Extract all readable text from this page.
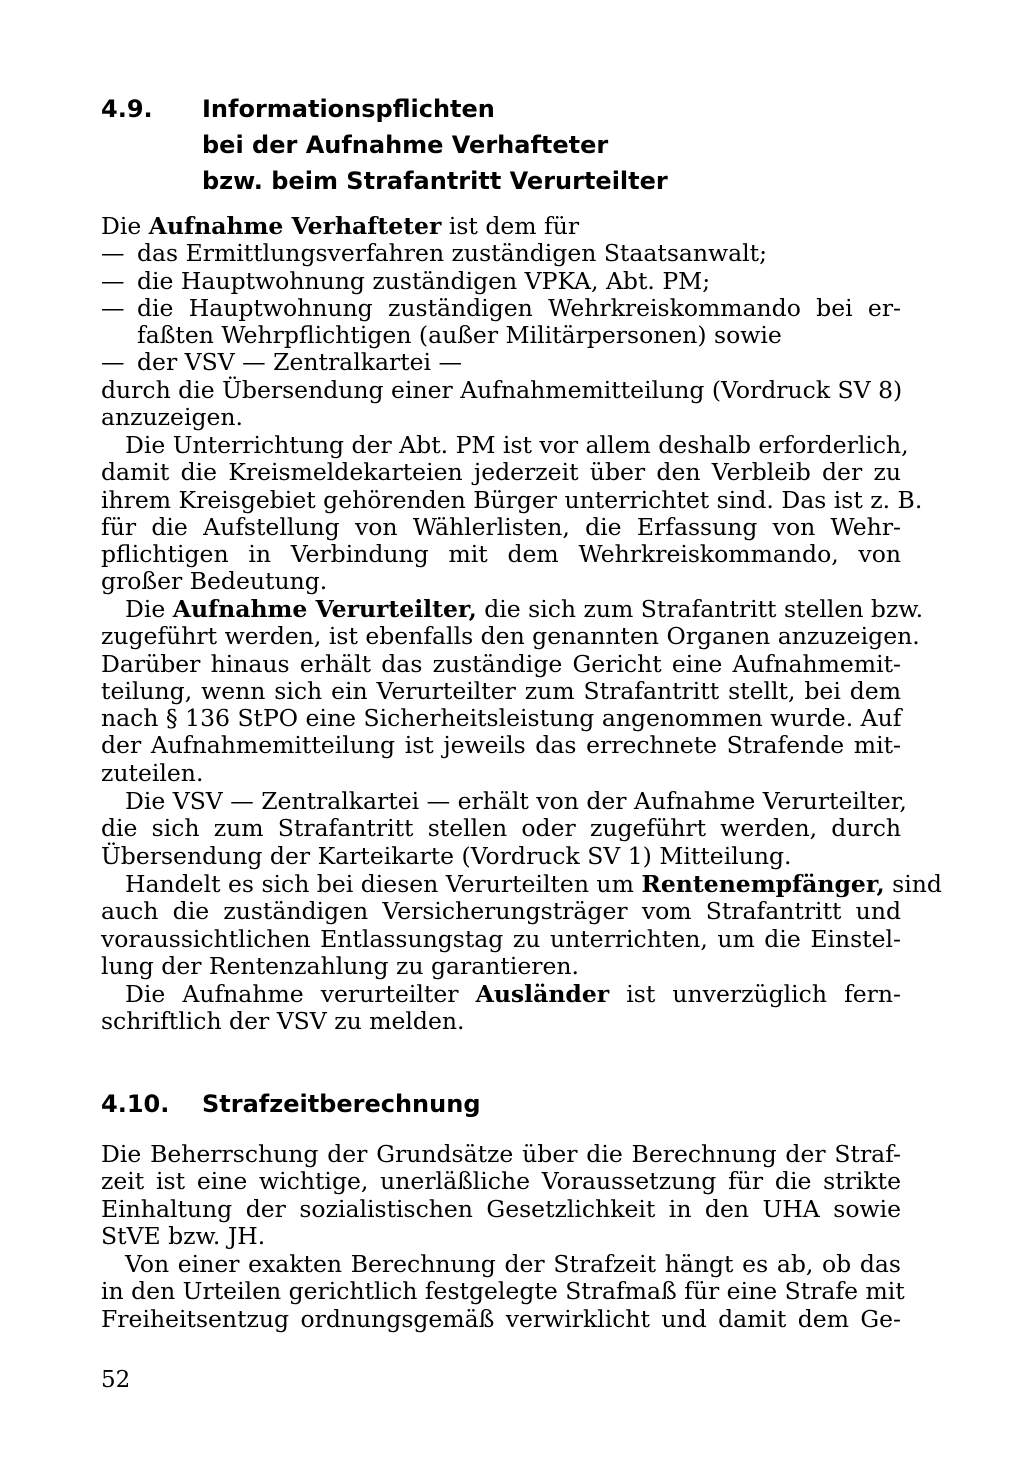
4.9. Informationspflichten
bei der Aufnahme Verhafteter
bzw. beim Strafantritt Verurteilter
Die Aufnahme Verhafteter ist dem für
— das Ermittlungsverfahren zuständigen Staatsanwalt;
— die Hauptwohnung zuständigen VPKA, Abt. PM;
— die Hauptwohnung zuständigen Wehrkreiskommando bei er-
faßten Wehrpflichtigen (außer Militärpersonen) sowie
— der VSV — Zentralkartei —
durch die Übersendung einer Aufnahmemitteilung (Vordruck SV 8)
anzuzeigen.
Die Unterrichtung der Abt. PM ist vor allem deshalb erforderlich,
damit die Kreismeldekarteien jederzeit über den Verbleib der zu
ihrem Kreisgebiet gehörenden Bürger unterrichtet sind. Das ist z. B.
für die Aufstellung von Wählerlisten, die Erfassung von Wehr-
pflichtigen in Verbindung mit dem Wehrkreiskommando, von
großer Bedeutung.
Die Aufnahme Verurteilter, die sich zum Strafantritt stellen bzw.
zugeführt werden, ist ebenfalls den genannten Organen anzuzeigen.
Darüber hinaus erhält das zuständige Gericht eine Aufnahmemit-
teilung, wenn sich ein Verurteilter zum Strafantritt stellt, bei dem
nach § 136 StPO eine Sicherheitsleistung angenommen wurde. Auf
der Aufnahmemitteilung ist jeweils das errechnete Strafende mit-
zuteilen.
Die VSV — Zentralkartei — erhält von der Aufnahme Verurteilter,
die sich zum Strafantritt stellen oder zugeführt werden, durch
Übersendung der Karteikarte (Vordruck SV 1) Mitteilung.
Handelt es sich bei diesen Verurteilten um Rentenempfänger, sind
auch die zuständigen Versicherungsträger vom Strafantritt und
voraussichtlichen Entlassungstag zu unterrichten, um die Einstel-
lung der Rentenzahlung zu garantieren.
Die Aufnahme verurteilter Ausländer ist unverzüglich fern-
schriftlich der VSV zu melden.
4.10. Strafzeitberechnung
Die Beherrschung der Grundsätze über die Berechnung der Straf-
zeit ist eine wichtige, unerläßliche Voraussetzung für die strikte
Einhaltung der sozialistischen Gesetzlichkeit in den UHA sowie
StVE bzw. JH.
Von einer exakten Berechnung der Strafzeit hängt es ab, ob das
in den Urteilen gerichtlich festgelegte Strafmaß für eine Strafe mit
Freiheitsentzug ordnungsgemäß verwirklicht und damit dem Ge-
52
